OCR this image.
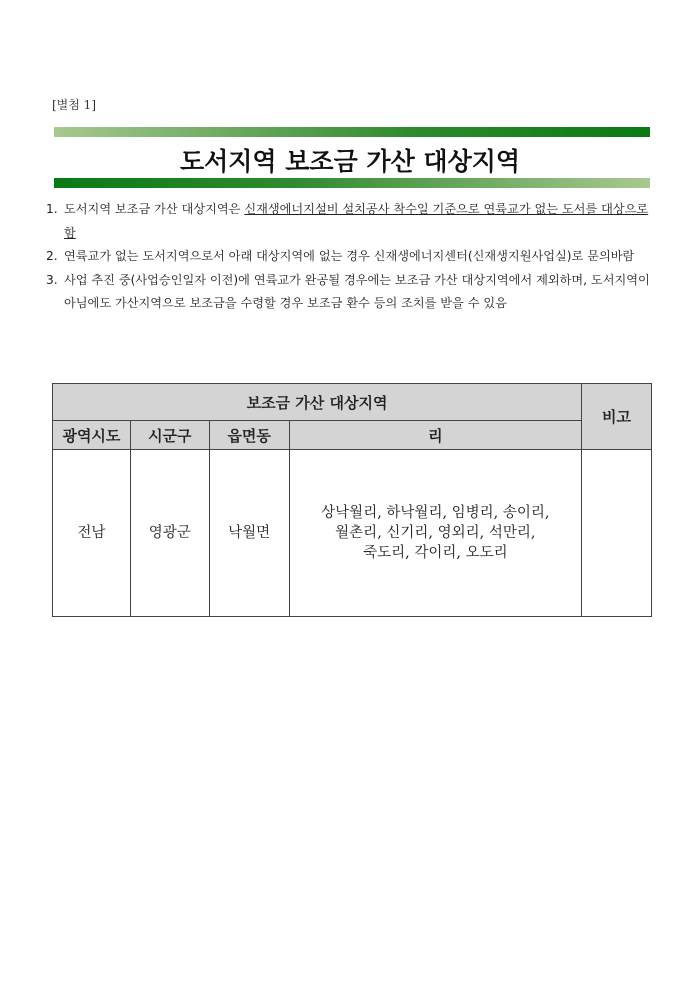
[별첨 1]
도서지역 보조금 가산 대상지역
1. 도서지역 보조금 가산 대상지역은 신재생에너지설비 설치공사 착수일 기준으로 연륙교가 없는 도서를 대상으로 함
2. 연륙교가 없는 도서지역으로서 아래 대상지역에 없는 경우 신재생에너지센터(신재생지원사업실)로 문의바람
3. 사업 추진 중(사업승인일자 이전)에 연륙교가 완공될 경우에는 보조금 가산 대상지역에서 제외하며, 도서지역이 아님에도 가산지역으로 보조금을 수령할 경우 보조금 환수 등의 조치를 받을 수 있음
보조금 가산 대상지역				비고
광역시도	시군구	읍면동	리	
전남	영광군	낙월면	상낙월리, 하낙월리, 임병리, 송이리,
월촌리, 신기리, 영외리, 석만리,
죽도리, 각이리, 오도리	
